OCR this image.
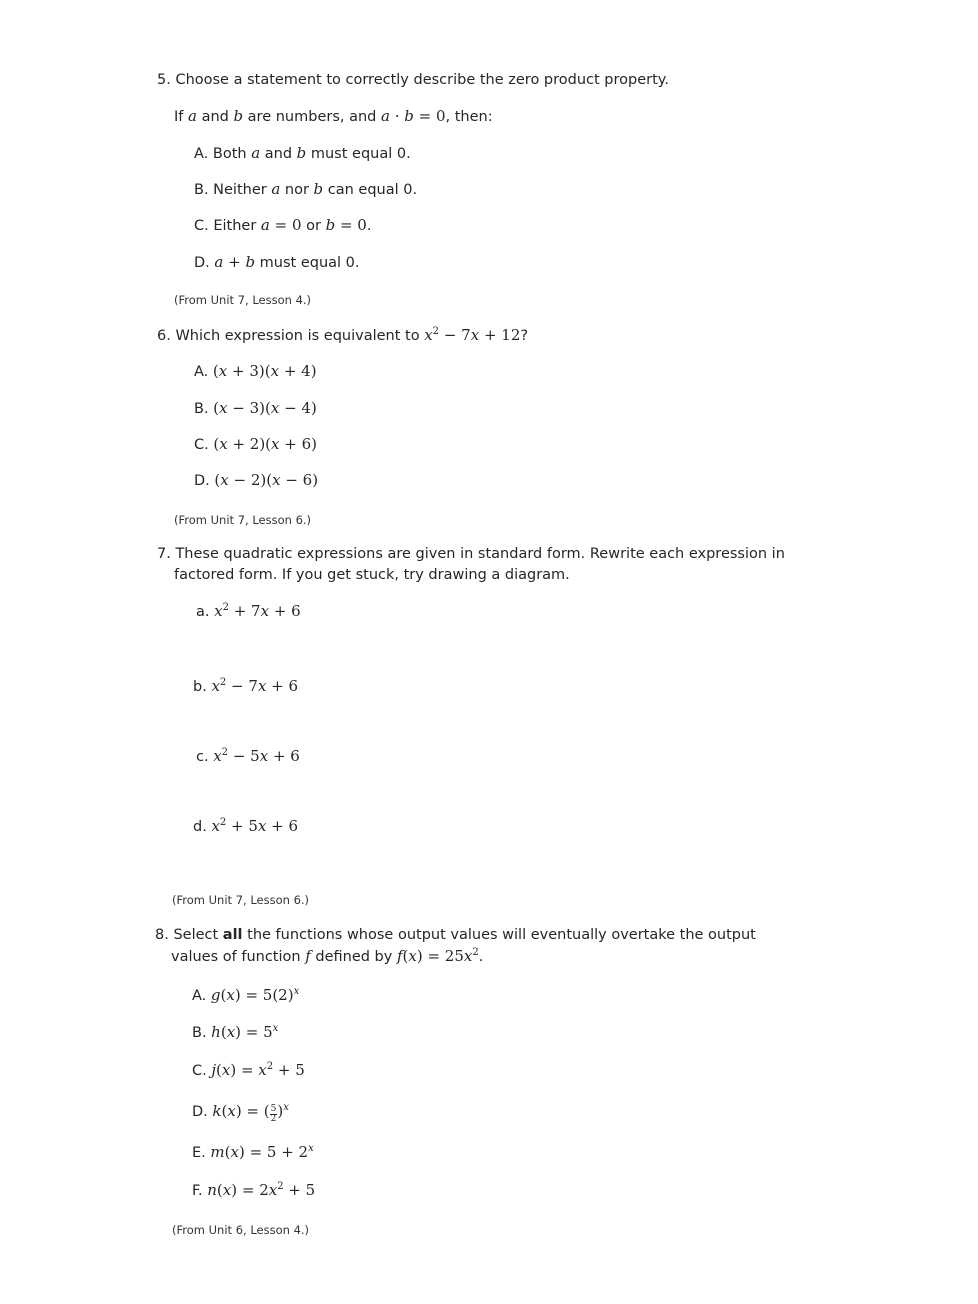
5. Choose a statement to correctly describe the zero product property.
If a and b are numbers, and a · b = 0, then:
A. Both a and b must equal 0.
B. Neither a nor b can equal 0.
C. Either a = 0 or b = 0.
D. a + b must equal 0.
(From Unit 7, Lesson 4.)
6. Which expression is equivalent to $x^2 - 7x + 12$?
A. (x + 3)(x + 4)
B. (x − 3)(x − 4)
C. (x + 2)(x + 6)
D. (x − 2)(x − 6)
(From Unit 7, Lesson 6.)
7. These quadratic expressions are given in standard form. Rewrite each expression in
factored form. If you get stuck, try drawing a diagram.
a. $x^2 + 7x + 6$
b. $x^2 - 7x + 6$
c. $x^2 - 5x + 6$
d. $x^2 + 5x + 6$
(From Unit 7, Lesson 6.)
8. Select all the functions whose output values will eventually overtake the output
values of function f defined by $f(x) = 25x^2$.
A. $g(x) = 5(2)^x$
B. $h(x) = 5^x$
C. $j(x) = x^2 + 5$
D. k(x) = ( $\frac{5}{2} )^x$
E. $m(x) = 5 + 2^x$
F. $n(x) = 2x^2 + 5$
(From Unit 6, Lesson 4.)
